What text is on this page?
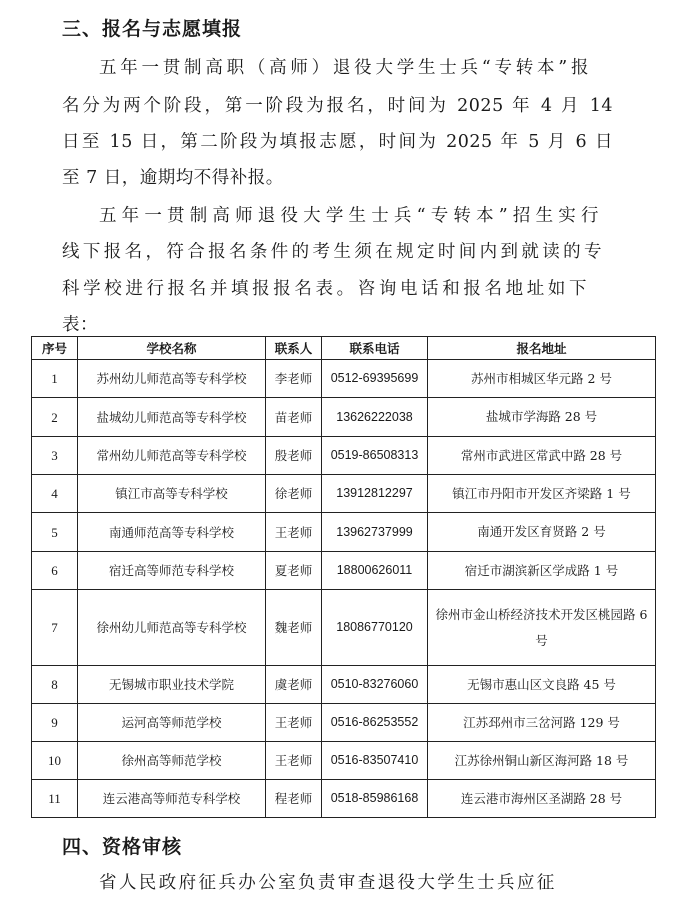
三、报名与志愿填报
五年一贯制高职（高师）退役大学生士兵“专转本”报
名分为两个阶段，第一阶段为报名，时间为 2025 年 4 月 14
日至 15 日，第二阶段为填报志愿，时间为 2025 年 5 月 6 日
至 7 日，逾期均不得补报。
五年一贯制高师退役大学生士兵“专转本”招生实行
线下报名，符合报名条件的考生须在规定时间内到就读的专
科学校进行报名并填报报名表。咨询电话和报名地址如下
表：
序号	学校名称	联系人	联系电话	报名地址
1	苏州幼儿师范高等专科学校	李老师	0512-69395699	苏州市相城区华元路 2 号
2	盐城幼儿师范高等专科学校	苗老师	13626222038	盐城市学海路 28 号
3	常州幼儿师范高等专科学校	殷老师	0519-86508313	常州市武进区常武中路 28 号
4	镇江市高等专科学校	徐老师	13912812297	镇江市丹阳市开发区齐梁路 1 号
5	南通师范高等专科学校	王老师	13962737999	南通开发区育贤路 2 号
6	宿迁高等师范专科学校	夏老师	18800626011	宿迁市湖滨新区学成路 1 号
7	徐州幼儿师范高等专科学校	魏老师	18086770120	徐州市金山桥经济技术开发区桃园路 6 号
8	无锡城市职业技术学院	虞老师	0510-83276060	无锡市惠山区文良路 45 号
9	运河高等师范学校	王老师	0516-86253552	江苏邳州市三岔河路 129 号
10	徐州高等师范学校	王老师	0516-83507410	江苏徐州铜山新区海河路 18 号
11	连云港高等师范专科学校	程老师	0518-85986168	连云港市海州区圣湖路 28 号
四、资格审核
省人民政府征兵办公室负责审查退役大学生士兵应征
